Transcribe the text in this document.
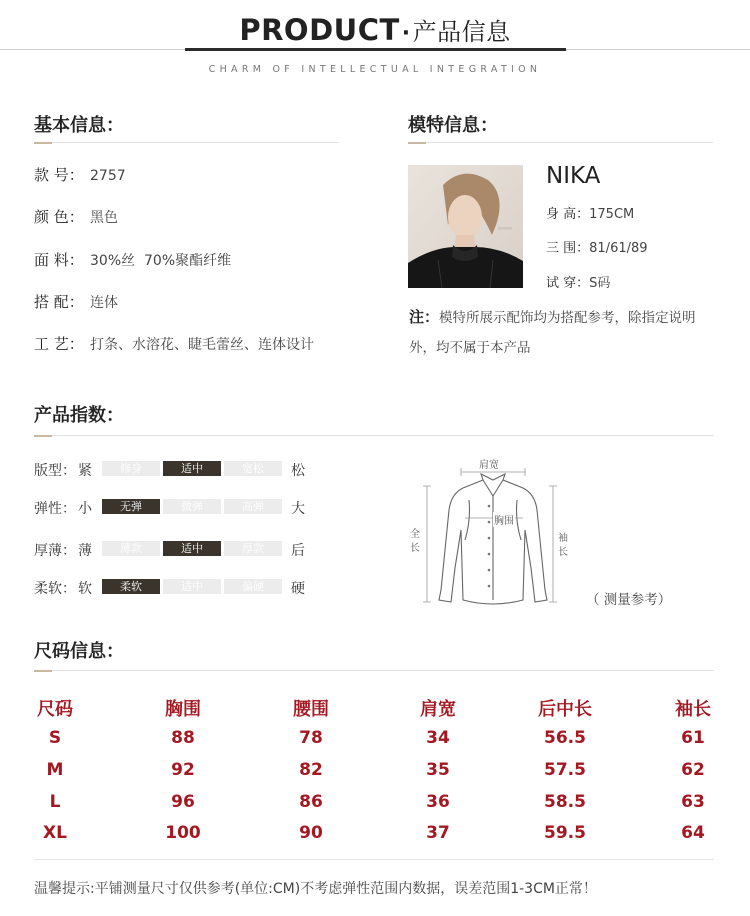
PRODUCT·产品信息
CHARM OF INTELLECTUAL INTEGRATION
基本信息：
款 号： 2757
颜 色： 黑色
面 料： 30%丝  70%聚酯纤维
搭 配： 连体
工 艺： 打条、水溶花、睫毛蕾丝、连体设计
模特信息：
NIKA
身 高：175CM
三 围：81/61/89
试 穿：S码
注：模特所展示配饰均为搭配参考，除指定说明外，均不属于本产品
产品指数：
版型： 紧	修身	适中	宽松	松
弹性： 小	无弹	微弹	高弹	大
厚薄： 薄	薄款	适中	厚款	后
柔软： 软	柔软	适中	偏硬	硬
肩宽
胸围
全
长
袖
长
（ 测量参考）
尺码信息：
尺码	胸围	腰围	肩宽	后中长	袖长
S	88	78	34	56.5	61
M	92	82	35	57.5	62
L	96	86	36	58.5	63
XL	100	90	37	59.5	64
温馨提示:平铺测量尺寸仅供参考(单位:CM)不考虑弹性范围内数据，误差范围1-3CM正常！
